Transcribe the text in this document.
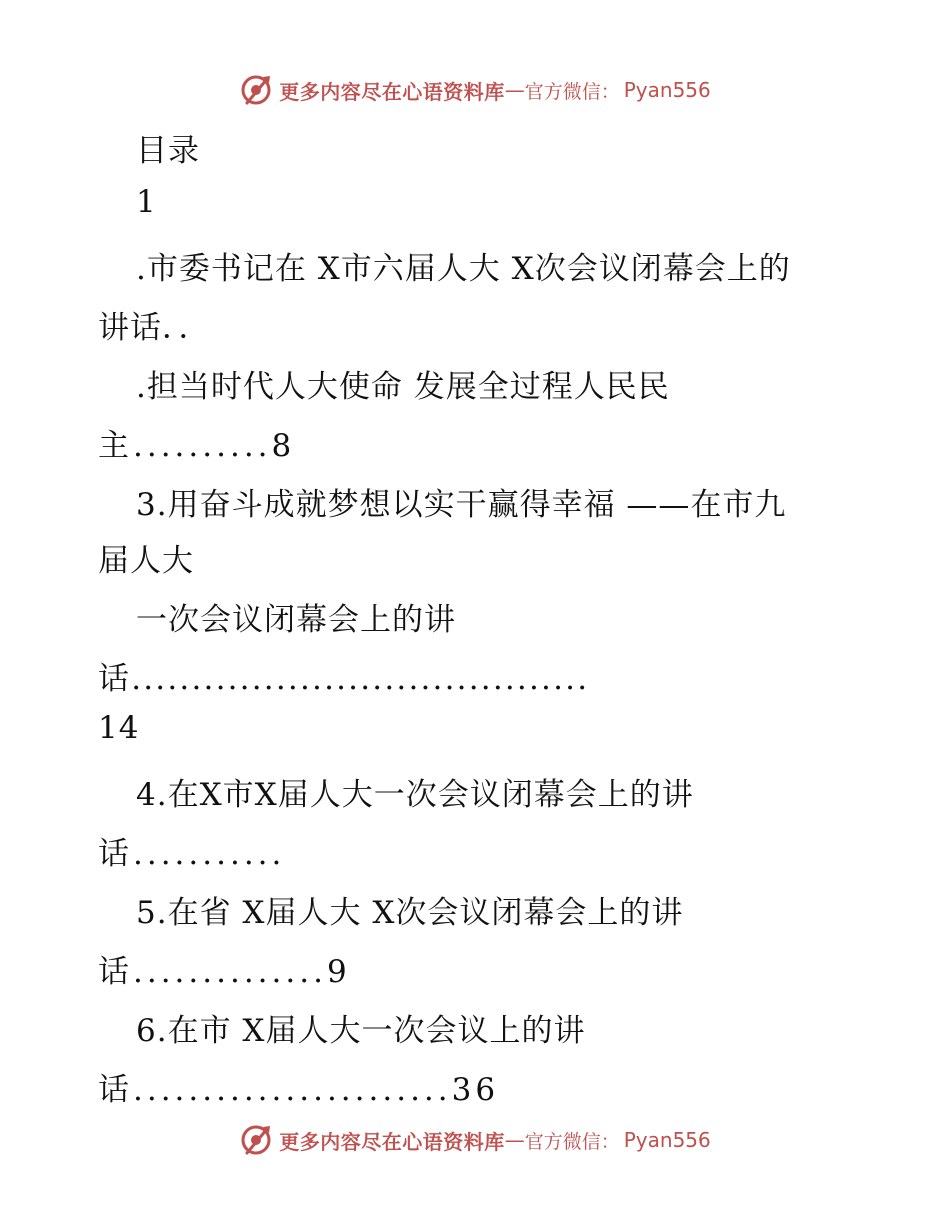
更多内容尽在心语资料库 — 官方微信： Pyan556
目录
1
.市委书记在 X市六届人大 X次会议闭幕会上的
讲话．．
.担当时代人大使命 发展全过程人民民
主..........8
3.用奋斗成就梦想以实干赢得幸福 ——在市九
届人大
一次会议闭幕会上的讲
话......................................
14
4.在X市X届人大一次会议闭幕会上的讲
话...........
5.在省 X届人大 X次会议闭幕会上的讲
话..............9
6.在市 X届人大一次会议上的讲
话.......................36
更多内容尽在心语资料库 — 官方微信： Pyan556
